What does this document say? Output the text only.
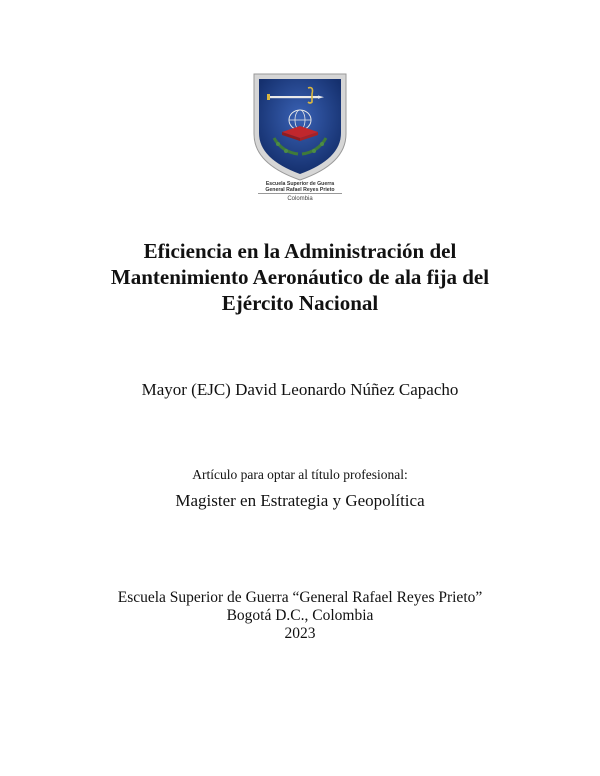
Escuela Superior de Guerra
General Rafael Reyes Prieto
Colombia
Eficiencia en la Administración del
Mantenimiento Aeronáutico de ala fija del
Ejército Nacional
Mayor (EJC) David Leonardo Núñez Capacho
Artículo para optar al título profesional:
Magister en Estrategia y Geopolítica
Escuela Superior de Guerra “General Rafael Reyes Prieto”
Bogotá D.C., Colombia
2023
